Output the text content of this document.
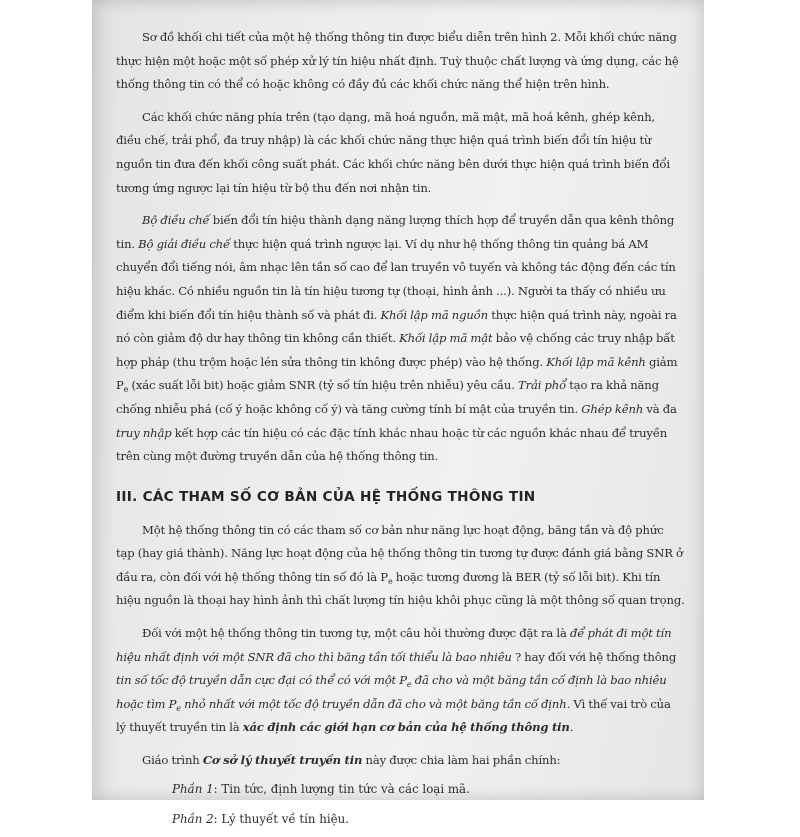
Sơ đồ khối chi tiết của một hệ thống thông tin được biểu diễn trên hình 2. Mỗi khối chức năng
thực hiện một hoặc một số phép xử lý tín hiệu nhất định. Tuỳ thuộc chất lượng và ứng dụng, các hệ
thống thông tin có thể có hoặc không có đầy đủ các khối chức năng thể hiện trên hình.

Các khối chức năng phía trên (tạo dạng, mã hoá nguồn, mã mật, mã hoá kênh, ghép kênh,
điều chế, trải phổ, đa truy nhập) là các khối chức năng thực hiện quá trình biến đổi tín hiệu từ
nguồn tin đưa đến khối công suất phát. Các khối chức năng bên dưới thực hiện quá trình biến đổi
tương ứng ngược lại tín hiệu từ bộ thu đến nơi nhận tin.

Bộ điều chế biến đổi tín hiệu thành dạng năng lượng thích hợp để truyền dẫn qua kênh thông
tin. Bộ giải điều chế thực hiện quá trình ngược lại. Ví dụ như hệ thống thông tin quảng bá AM
chuyển đổi tiếng nói, âm nhạc lên tần số cao để lan truyền vô tuyến và không tác động đến các tín
hiệu khác. Có nhiều nguồn tin là tín hiệu tương tự (thoại, hình ảnh ...). Người ta thấy có nhiều ưu
điểm khi biến đổi tín hiệu thành số và phát đi. Khối lập mã nguồn thực hiện quá trình này, ngoài ra
nó còn giảm độ dư hay thông tin không cần thiết. Khối lập mã mật bảo vệ chống các truy nhập bất
hợp pháp (thu trộm hoặc lén sửa thông tin không được phép) vào hệ thống. Khối lập mã kênh giảm
$P_e$ (xác suất lỗi bit) hoặc giảm SNR (tỷ số tín hiệu trên nhiễu) yêu cầu. Trải phổ tạo ra khả năng
chống nhiễu phá (cố ý hoặc không cố ý) và tăng cường tính bí mật của truyền tin. Ghép kênh và đa
truy nhập kết hợp các tín hiệu có các đặc tính khác nhau hoặc từ các nguồn khác nhau để truyền
trên cùng một đường truyền dẫn của hệ thống thông tin.

III. CÁC THAM SỐ CƠ BẢN CỦA HỆ THỐNG THÔNG TIN

Một hệ thống thông tin có các tham số cơ bản như năng lực hoạt động, băng tần và độ phức
tạp (hay giá thành). Năng lực hoạt động của hệ thống thông tin tương tự được đánh giá bằng SNR ở
đầu ra, còn đối với hệ thống thông tin số đó là $P_e$ hoặc tương đương là BER (tỷ số lỗi bit). Khi tín
hiệu nguồn là thoại hay hình ảnh thì chất lượng tín hiệu khôi phục cũng là một thông số quan trọng.

Đối với một hệ thống thông tin tương tự, một câu hỏi thường được đặt ra là để phát đi một tín
hiệu nhất định với một SNR đã cho thì băng tần tối thiểu là bao nhiêu ? hay đối với hệ thống thông
tin số tốc độ truyền dẫn cực đại có thể có với một $P_e$ đã cho và một băng tần cố định là bao nhiêu
hoặc tìm $P_e$ nhỏ nhất với một tốc độ truyền dẫn đã cho và một băng tần cố định. Vì thế vai trò của
lý thuyết truyền tin là xác định các giới hạn cơ bản của hệ thống thông tin.

Giáo trình Cơ sở lý thuyết truyền tin này được chia làm hai phần chính:

Phần 1: Tin tức, định lượng tin tức và các loại mã.
Phần 2: Lý thuyết về tín hiệu.
